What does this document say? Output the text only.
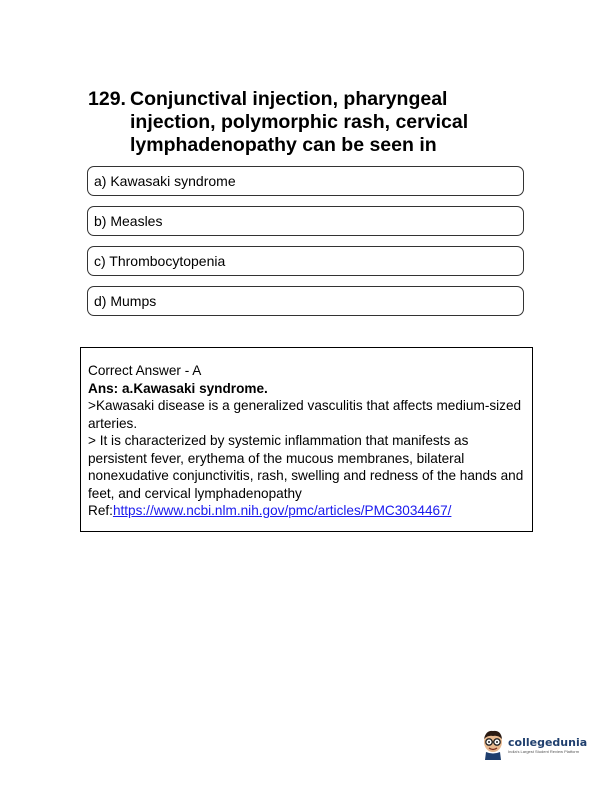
129. Conjunctival injection, pharyngeal injection, polymorphic rash, cervical lymphadenopathy can be seen in
a) Kawasaki syndrome
b) Measles
c) Thrombocytopenia
d) Mumps

Correct Answer - A

Ans: a.Kawasaki syndrome.

>Kawasaki disease is a generalized vasculitis that affects medium-sized arteries.

> It is characterized by systemic inflammation that manifests as persistent fever, erythema of the mucous membranes, bilateral nonexudative conjunctivitis, rash, swelling and redness of the hands and feet, and cervical lymphadenopathy

Ref:https://www.ncbi.nlm.nih.gov/pmc/articles/PMC3034467/

collegedunia
India's Largest Student Review Platform
